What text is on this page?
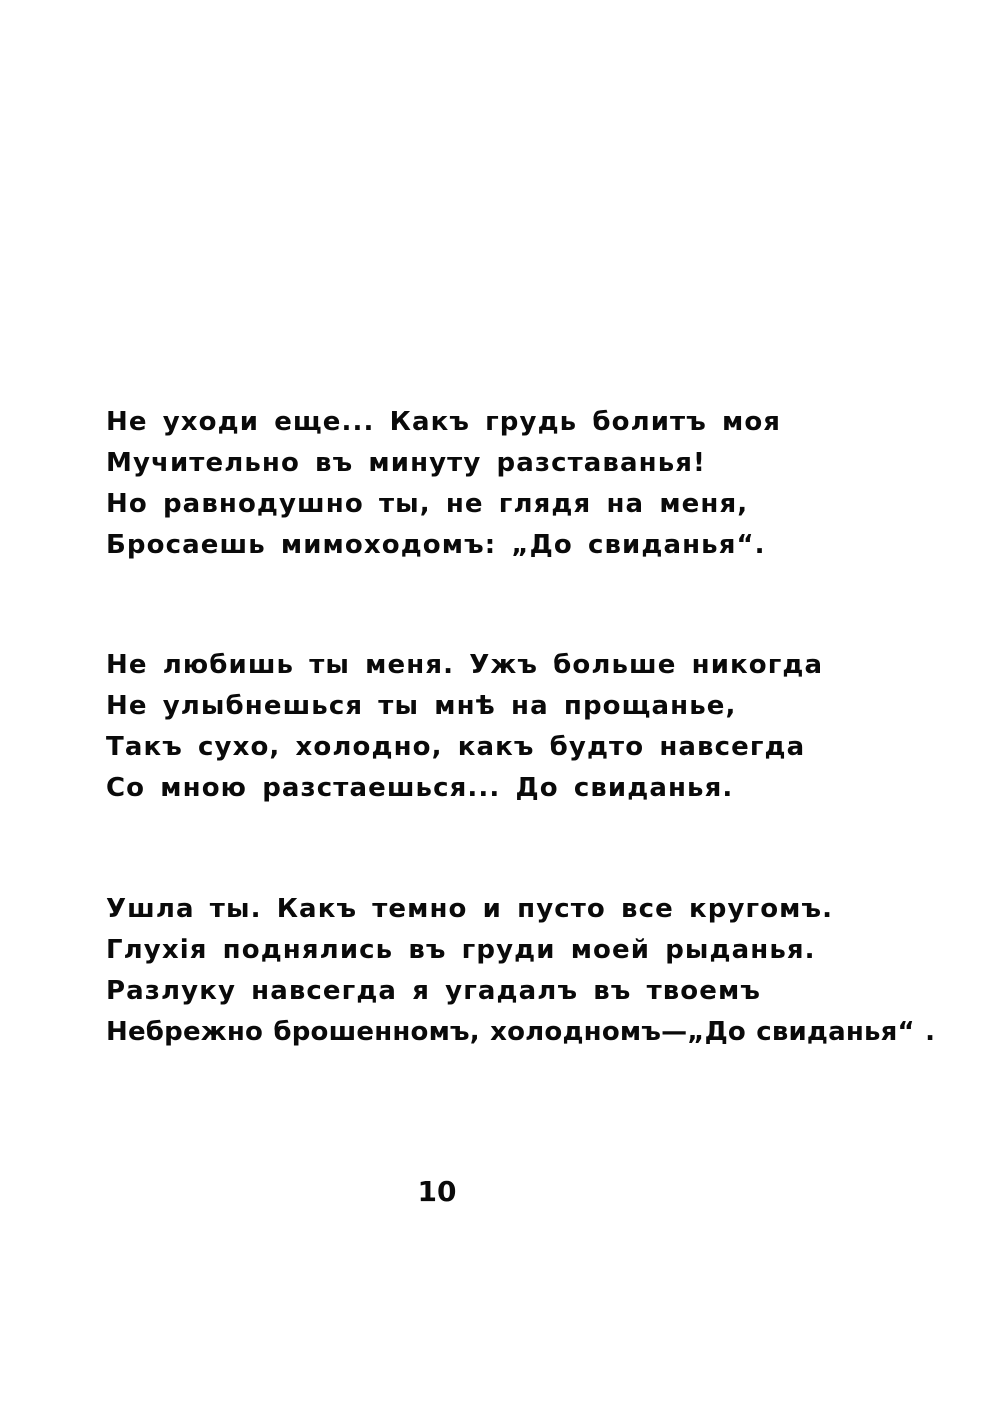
Не уходи еще... Какъ грудь болитъ моя
Мучительно въ минуту разставанья!
Но равнодушно ты, не глядя на меня,
Бросаешь мимоходомъ: „До свиданья“.
Не любишь ты меня. Ужъ больше никогда
Не улыбнешься ты мнѣ на прощанье,
Такъ сухо, холодно, какъ будто навсегда
Со мною разстаешься... До свиданья.
Ушла ты. Какъ темно и пусто все кругомъ.
Глухія поднялись въ груди моей рыданья.
Разлуку навсегда я угадалъ въ твоемъ
Небрежно брошенномъ, холодномъ—„До свиданья“ .
10
